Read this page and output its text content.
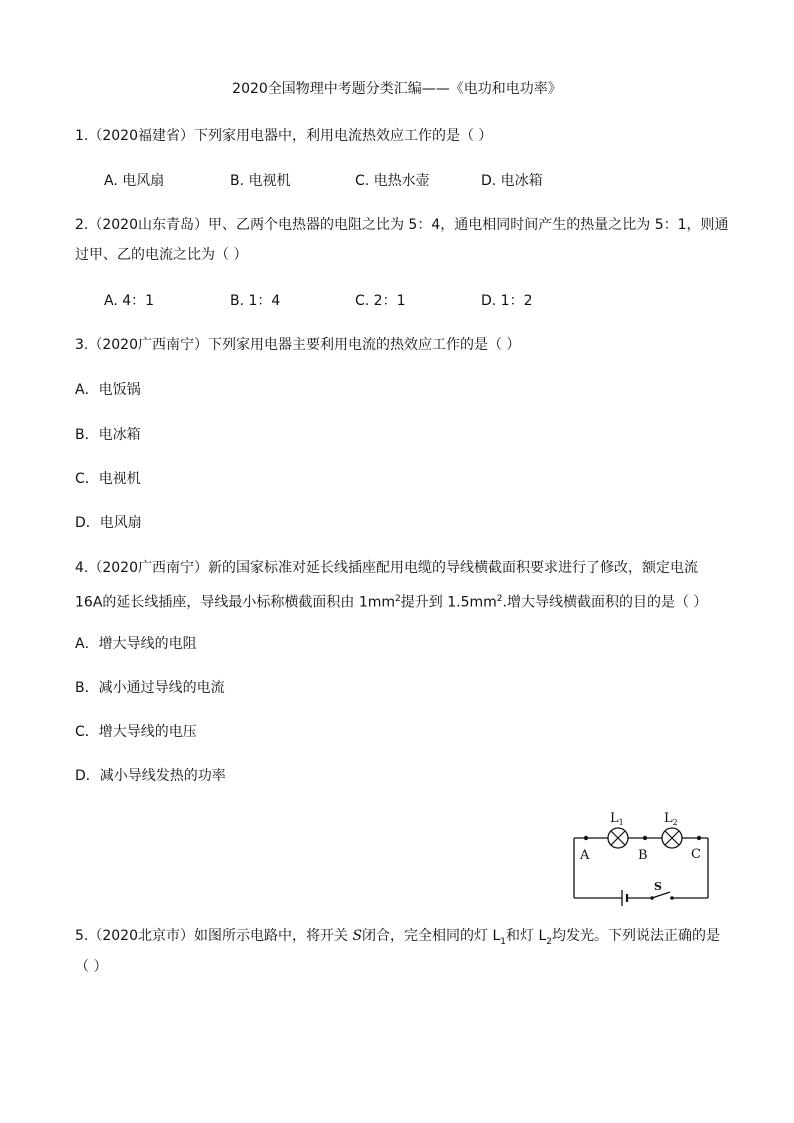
2020全国物理中考题分类汇编——《电功和电功率》
1.（2020福建省）下列家用电器中，利用电流热效应工作的是（ ）
A. 电风扇	B. 电视机	C. 电热水壶	D. 电冰箱
2.（2020山东青岛）甲、乙两个电热器的电阻之比为 5：4，通电相同时间产生的热量之比为 5：1，则通
过甲、乙的电流之比为（ ）
A. 4：1	B. 1：4	C. 2：1	D. 1：2
3.（2020广西南宁）下列家用电器主要利用电流的热效应工作的是（ ）
A．电饭锅
B．电冰箱
C．电视机
D．电风扇
4.（2020广西南宁）新的国家标准对延长线插座配用电缆的导线横截面积要求进行了修改，额定电流
16A的延长线插座，导线最小标称横截面积由 $1mm^2$提升到 $1.5mm^2$.增大导线横截面积的目的是（ ）
A．增大导线的电阻
B．减小通过导线的电流
C．增大导线的电压
D．减小导线发热的功率
$L_1$	$L_2$
A	B	C
S
5.（2020北京市）如图所示电路中，将开关 S闭合，完全相同的灯 $L_1$和灯 $L_2$均发光。下列说法正确的是
（ ）
